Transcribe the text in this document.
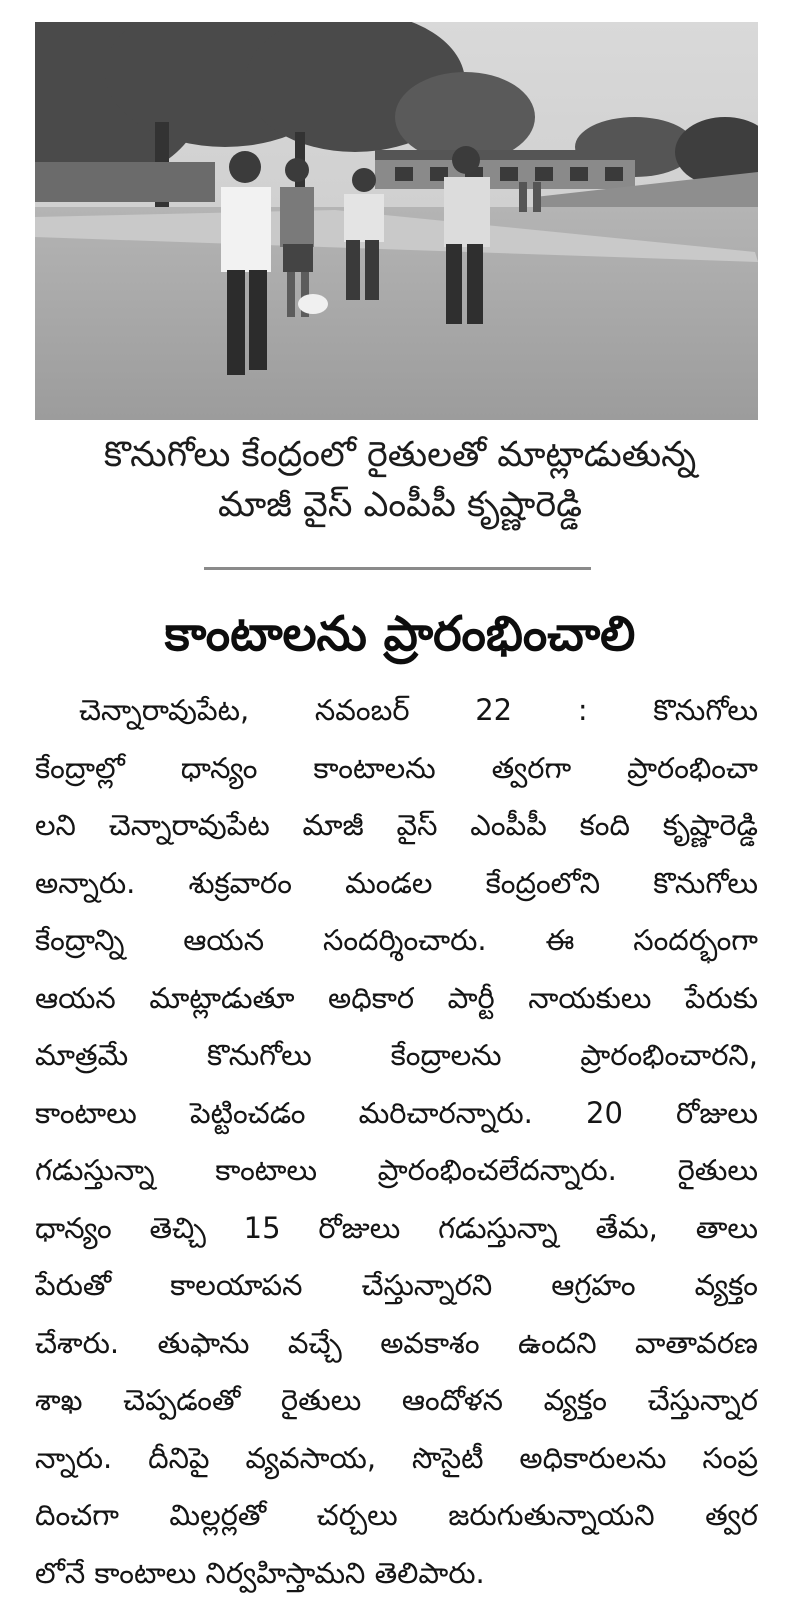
కొనుగోలు కేంద్రంలో రైతులతో మాట్లాడుతున్న
మాజీ వైస్ ఎంపీపీ కృష్ణారెడ్డి
కాంటాలను ప్రారంభించాలి
చెన్నారావుపేట, నవంబర్ 22 : కొనుగోలు
కేంద్రాల్లో ధాన్యం కాంటాలను త్వరగా ప్రారంభించా
లని చెన్నారావుపేట మాజీ వైస్ ఎంపీపీ కంది కృష్ణారెడ్డి
అన్నారు. శుక్రవారం మండల కేంద్రంలోని కొనుగోలు
కేంద్రాన్ని ఆయన సందర్శించారు. ఈ సందర్భంగా
ఆయన మాట్లాడుతూ అధికార పార్టీ నాయకులు పేరుకు
మాత్రమే కొనుగోలు కేంద్రాలను ప్రారంభించారని,
కాంటాలు పెట్టించడం మరిచారన్నారు. 20 రోజులు
గడుస్తున్నా కాంటాలు ప్రారంభించలేదన్నారు. రైతులు
ధాన్యం తెచ్చి 15 రోజులు గడుస్తున్నా తేమ, తాలు
పేరుతో కాలయాపన చేస్తున్నారని ఆగ్రహం వ్యక్తం
చేశారు. తుఫాను వచ్చే అవకాశం ఉందని వాతావరణ
శాఖ చెప్పడంతో రైతులు ఆందోళన వ్యక్తం చేస్తున్నార
న్నారు. దీనిపై వ్యవసాయ, సొసైటీ అధికారులను సంప్ర
దించగా మిల్లర్లతో చర్చలు జరుగుతున్నాయని త్వర
లోనే కాంటాలు నిర్వహిస్తామని తెలిపారు.
